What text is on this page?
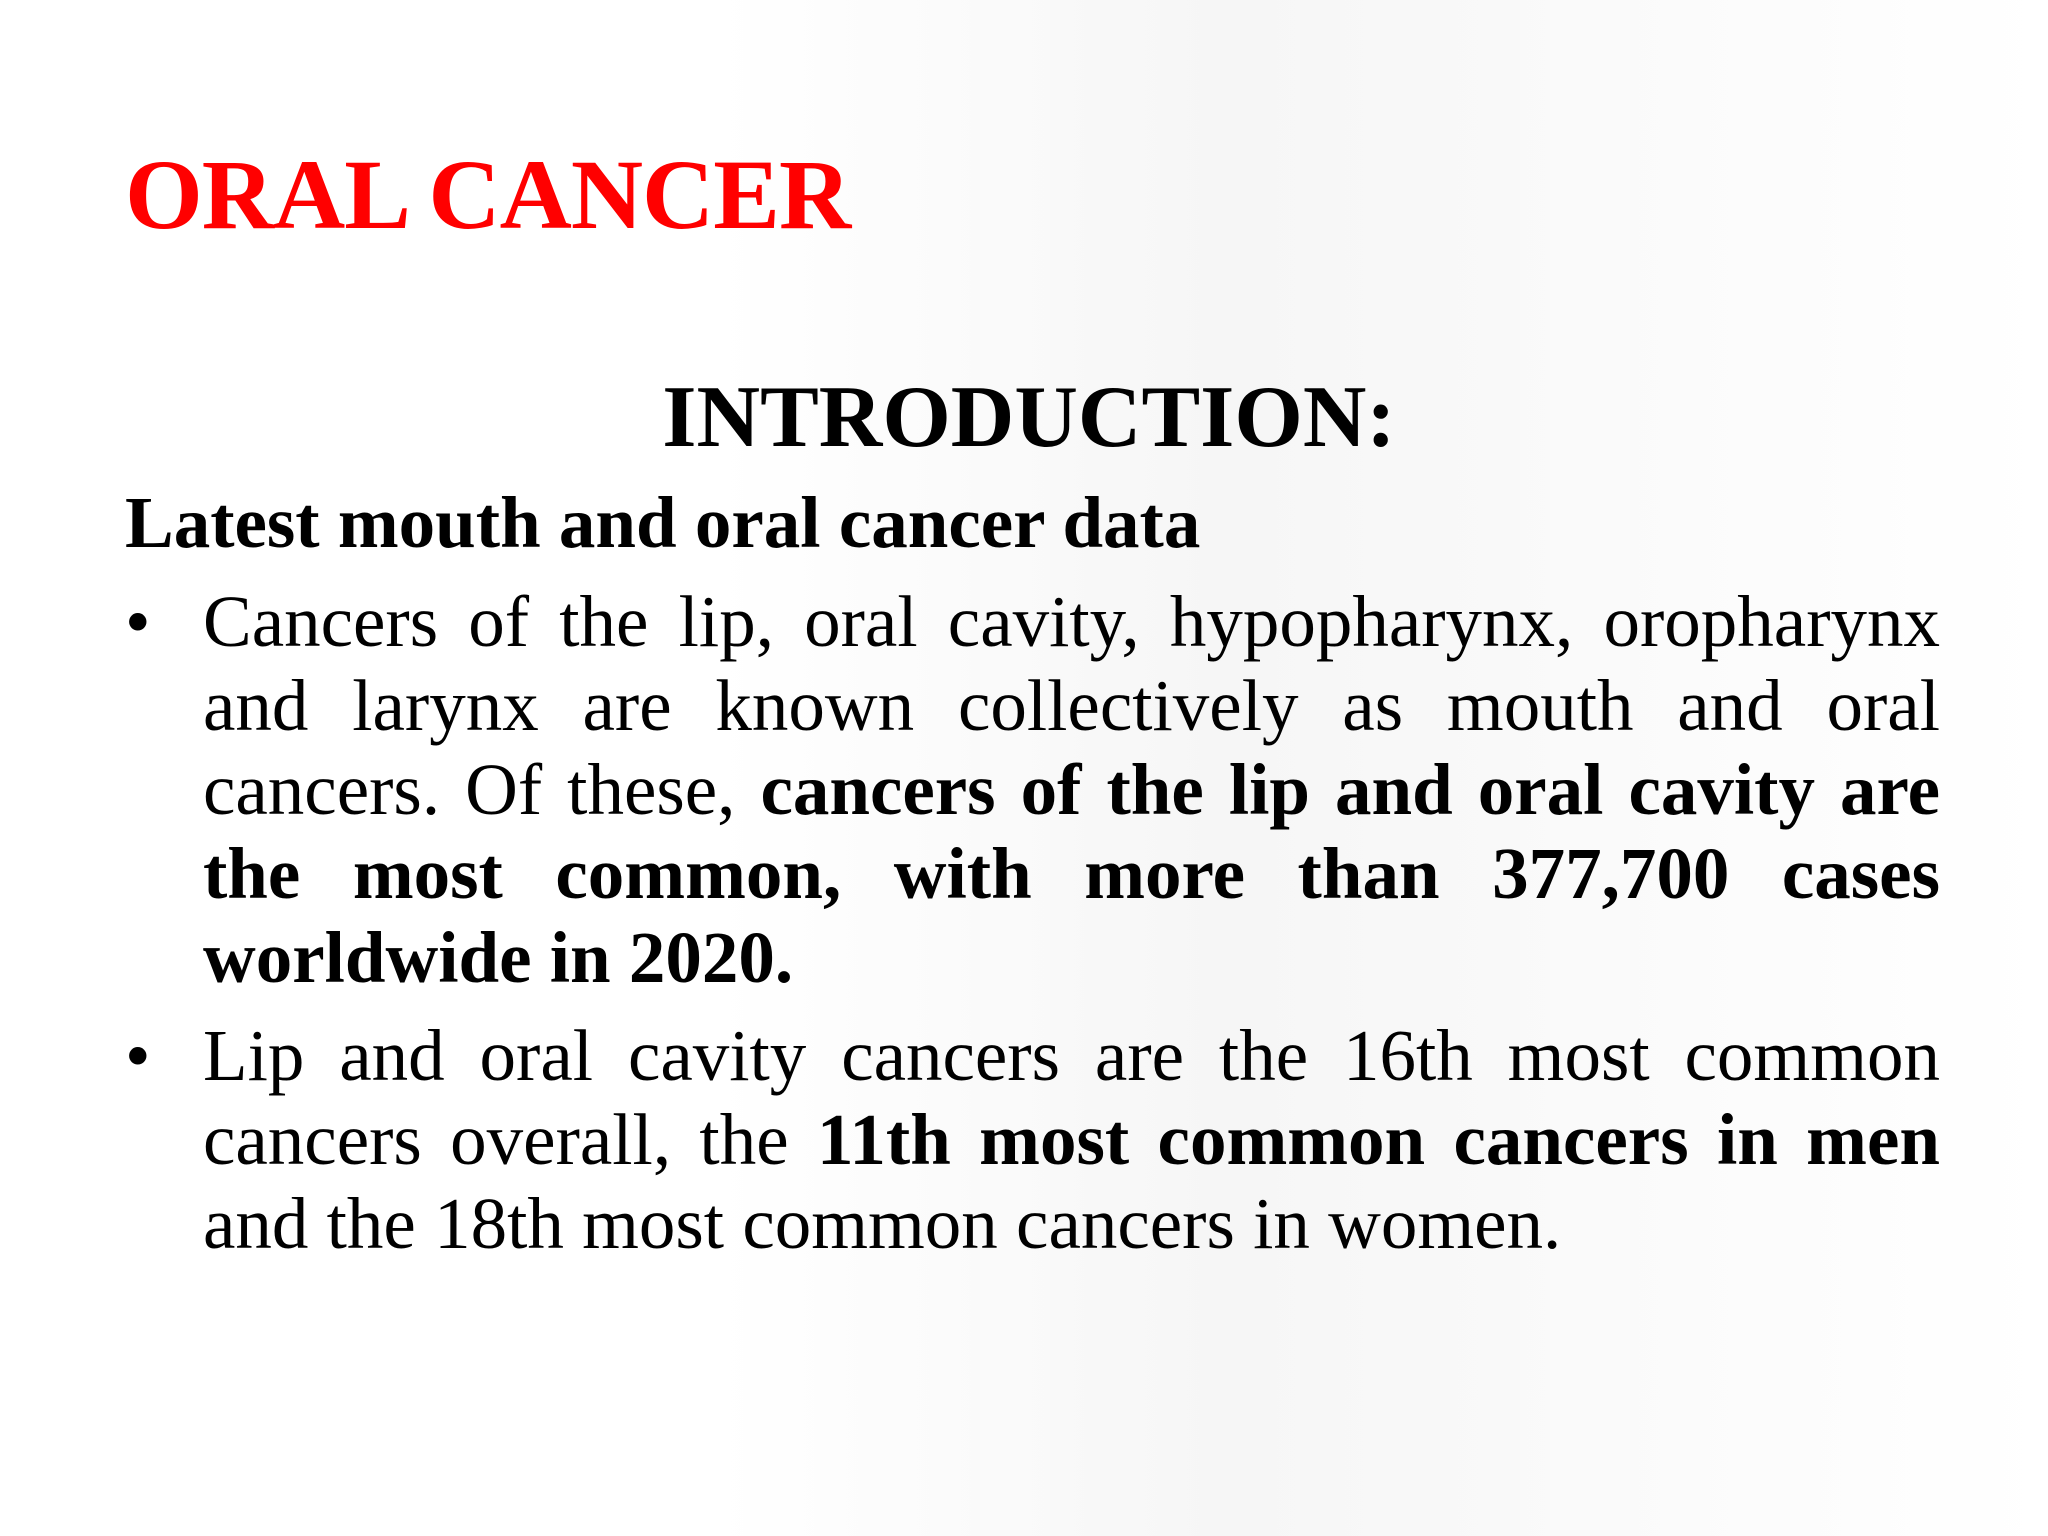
ORAL CANCER
INTRODUCTION:
Latest mouth and oral cancer data
• Cancers of the lip, oral cavity, hypopharynx, oropharynx and larynx are known collectively as mouth and oral cancers. Of these, cancers of the lip and oral cavity are the most common, with more than 377,700 cases worldwide in 2020.
• Lip and oral cavity cancers are the 16th most common cancers overall, the 11th most common cancers in men and the 18th most common cancers in women.
